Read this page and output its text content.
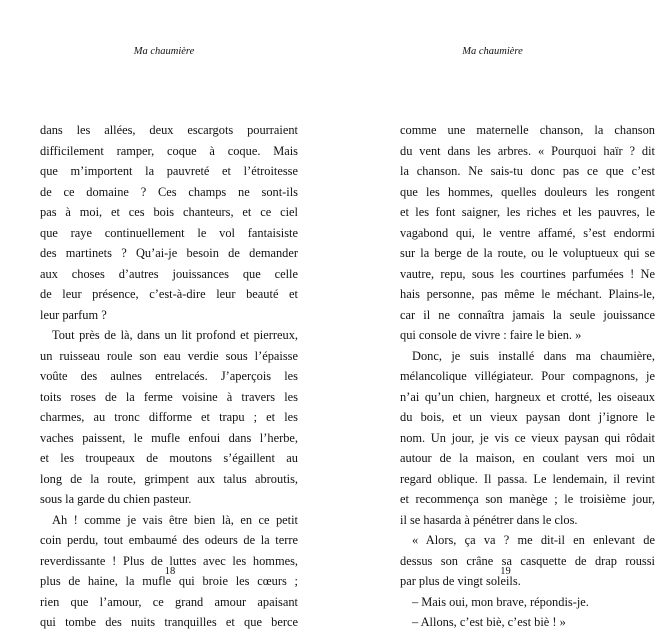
Ma chaumière
dans les allées, deux escargots pourraient
difficilement ramper, coque à coque. Mais
que m’importent la pauvreté et l’étroitesse
de ce domaine ? Ces champs ne sont-ils
pas à moi, et ces bois chanteurs, et ce ciel
que raye continuellement le vol fantaisiste
des martinets ? Qu’ai-je besoin de demander
aux choses d’autres jouissances que celle
de leur présence, c’est-à-dire leur beauté et
leur parfum ?
Tout près de là, dans un lit profond et pierreux,
un ruisseau roule son eau verdie sous l’épaisse
voûte des aulnes entrelacés. J’aperçois les
toits roses de la ferme voisine à travers les
charmes, au tronc difforme et trapu ; et les
vaches paissent, le mufle enfoui dans l’herbe,
et les troupeaux de moutons s’égaillent au
long de la route, grimpent aux talus abroutis,
sous la garde du chien pasteur.
Ah ! comme je vais être bien là, en ce petit
coin perdu, tout embaumé des odeurs de la terre
reverdissante ! Plus de luttes avec les hommes,
plus de haine, la mufle qui broie les cœurs ;
rien que l’amour, ce grand amour apaisant
qui tombe des nuits tranquilles et que berce
18
Ma chaumière
comme une maternelle chanson, la chanson
du vent dans les arbres. « Pourquoi haïr ? dit
la chanson. Ne sais-tu donc pas ce que c’est
que les hommes, quelles douleurs les rongent
et les font saigner, les riches et les pauvres, le
vagabond qui, le ventre affamé, s’est endormi
sur la berge de la route, ou le voluptueux qui se
vautre, repu, sous les courtines parfumées ! Ne
hais personne, pas même le méchant. Plains-le,
car il ne connaîtra jamais la seule jouissance
qui console de vivre : faire le bien. »
Donc, je suis installé dans ma chaumière,
mélancolique villégiateur. Pour compagnons, je
n’ai qu’un chien, hargneux et crotté, les oiseaux
du bois, et un vieux paysan dont j’ignore le
nom. Un jour, je vis ce vieux paysan qui rôdait
autour de la maison, en coulant vers moi un
regard oblique. Il passa. Le lendemain, il revint
et recommença son manège ; le troisième jour,
il se hasarda à pénétrer dans le clos.
« Alors, ça va ? me dit-il en enlevant de
dessus son crâne sa casquette de drap roussi
par plus de vingt soleils.
– Mais oui, mon brave, répondis-je.
– Allons, c’est biè, c’est biè ! »
19
